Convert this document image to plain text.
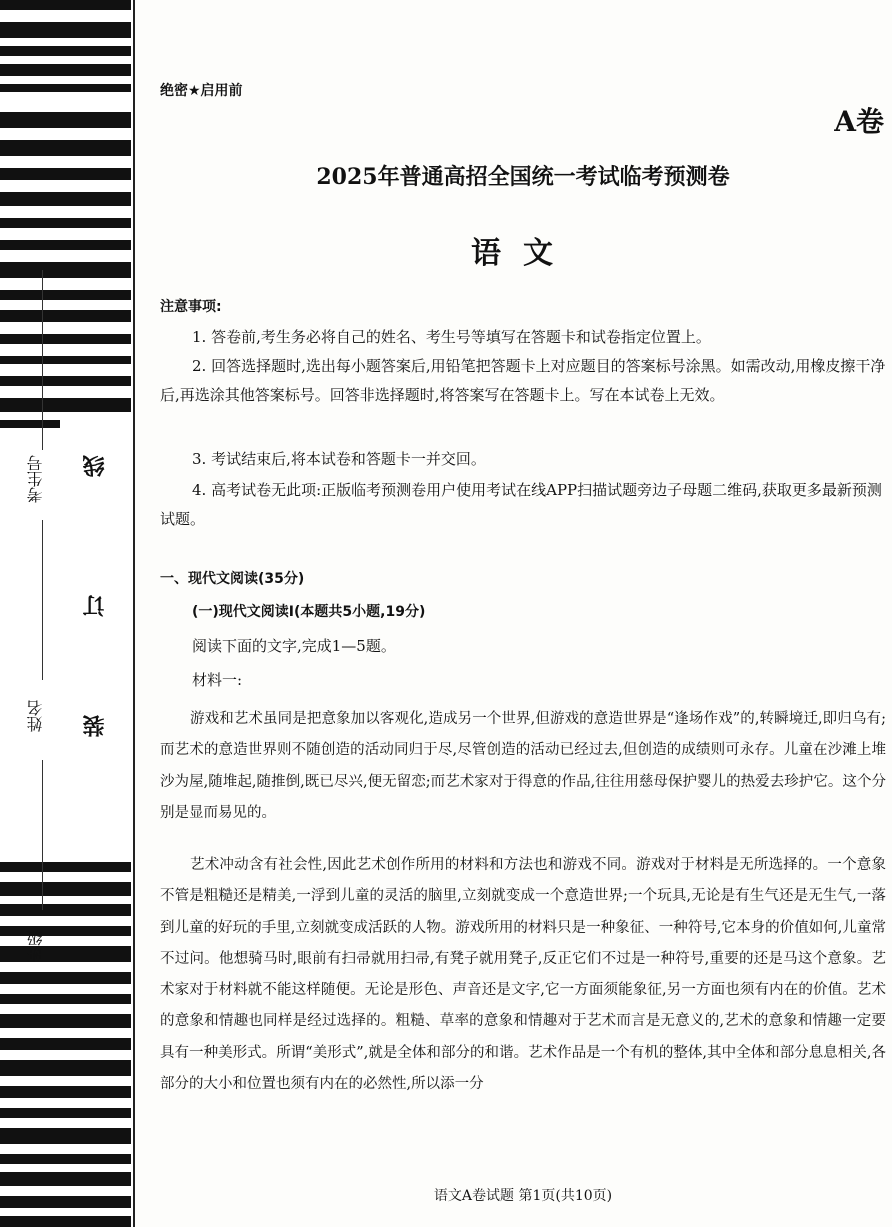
考生号
姓名
班级
线
订
装
绝密★启用前
A卷
2025年普通高招全国统一考试临考预测卷
语文
注意事项:
1. 答卷前,考生务必将自己的姓名、考生号等填写在答题卡和试卷指定位置上。
2. 回答选择题时,选出每小题答案后,用铅笔把答题卡上对应题目的答案标号涂黑。如需改动,用橡皮擦干净后,再选涂其他答案标号。回答非选择题时,将答案写在答题卡上。写在本试卷上无效。
3. 考试结束后,将本试卷和答题卡一并交回。
4. 高考试卷无此项:正版临考预测卷用户使用考试在线APP扫描试题旁边子母题二维码,获取更多最新预测试题。
一、现代文阅读(35分)
(一)现代文阅读Ⅰ(本题共5小题,19分)
阅读下面的文字,完成1—5题。
材料一:
游戏和艺术虽同是把意象加以客观化,造成另一个世界,但游戏的意造世界是“逢场作戏”的,转瞬境迁,即归乌有;而艺术的意造世界则不随创造的活动同归于尽,尽管创造的活动已经过去,但创造的成绩则可永存。儿童在沙滩上堆沙为屋,随堆起,随推倒,既已尽兴,便无留恋;而艺术家对于得意的作品,往往用慈母保护婴儿的热爱去珍护它。这个分别是显而易见的。
艺术冲动含有社会性,因此艺术创作所用的材料和方法也和游戏不同。游戏对于材料是无所选择的。一个意象不管是粗糙还是精美,一浮到儿童的灵活的脑里,立刻就变成一个意造世界;一个玩具,无论是有生气还是无生气,一落到儿童的好玩的手里,立刻就变成活跃的人物。游戏所用的材料只是一种象征、一种符号,它本身的价值如何,儿童常不过问。他想骑马时,眼前有扫帚就用扫帚,有凳子就用凳子,反正它们不过是一种符号,重要的还是马这个意象。艺术家对于材料就不能这样随便。无论是形色、声音还是文字,它一方面须能象征,另一方面也须有内在的价值。艺术的意象和情趣也同样是经过选择的。粗糙、草率的意象和情趣对于艺术而言是无意义的,艺术的意象和情趣一定要具有一种美形式。所谓“美形式”,就是全体和部分的和谐。艺术作品是一个有机的整体,其中全体和部分息息相关,各部分的大小和位置也须有内在的必然性,所以添一分
语文A卷试题 第1页(共10页)
